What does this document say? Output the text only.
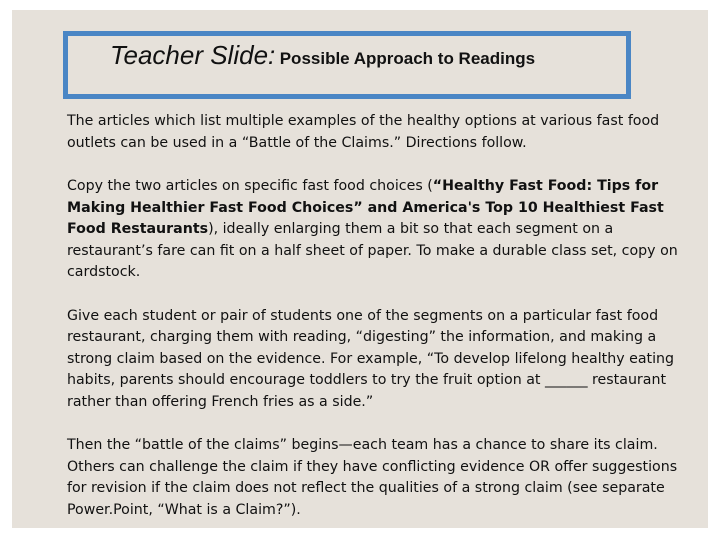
Teacher Slide: Possible Approach to Readings

The articles which list multiple examples of the healthy options at various fast food outlets can be used in a “Battle of the Claims.” Directions follow.

Copy the two articles on specific fast food choices (“Healthy Fast Food: Tips for Making Healthier Fast Food Choices” and America's Top 10 Healthiest Fast Food Restaurants), ideally enlarging them a bit so that each segment on a restaurant’s fare can fit on a half sheet of paper. To make a durable class set, copy on cardstock.

Give each student or pair of students one of the segments on a particular fast food restaurant, charging them with reading, “digesting” the information, and making a strong claim based on the evidence. For example, “To develop lifelong healthy eating habits, parents should encourage toddlers to try the fruit option at ______ restaurant rather than offering French fries as a side.”

Then the “battle of the claims” begins—each team has a chance to share its claim. Others can challenge the claim if they have conflicting evidence OR offer suggestions for revision if the claim does not reflect the qualities of a strong claim (see separate Power.Point, “What is a Claim?”).
